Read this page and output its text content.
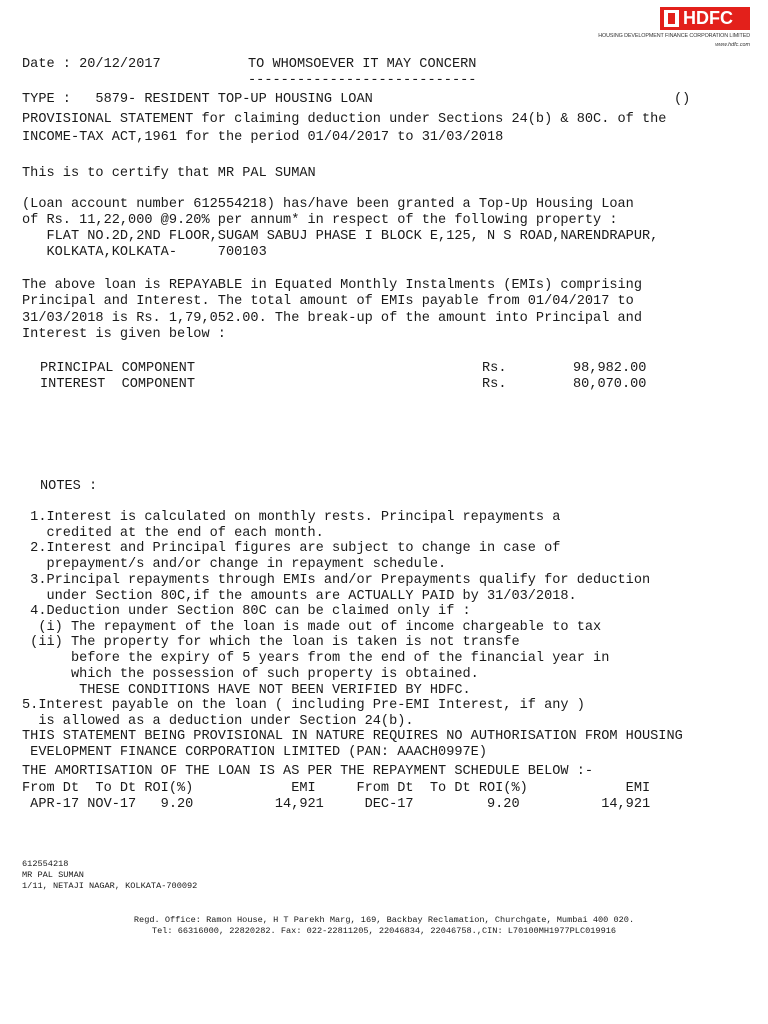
HDFC
HOUSING DEVELOPMENT FINANCE CORPORATION LIMITED
www.hdfc.com
Date : 20/12/2017	TO WHOMSOEVER IT MAY CONCERN
----------------------------
TYPE :   5879- RESIDENT TOP-UP HOUSING LOAN	()
PROVISIONAL STATEMENT for claiming deduction under Sections 24(b) & 80C. of the
INCOME-TAX ACT,1961 for the period 01/04/2017 to 31/03/2018
This is to certify that MR PAL SUMAN
(Loan account number 612554218) has/have been granted a Top-Up Housing Loan
of Rs. 11,22,000 @9.20% per annum* in respect of the following property :
FLAT NO.2D,2ND FLOOR,SUGAM SABUJ PHASE I BLOCK E,125, N S ROAD,NARENDRAPUR,
KOLKATA,KOLKATA-     700103
The above loan is REPAYABLE in Equated Monthly Instalments (EMIs) comprising
Principal and Interest. The total amount of EMIs payable from 01/04/2017 to
31/03/2018 is Rs. 1,79,052.00. The break-up of the amount into Principal and
Interest is given below :
PRINCIPAL COMPONENT	Rs.	98,982.00
INTEREST  COMPONENT	Rs.	80,070.00
NOTES :
1.Interest is calculated on monthly rests. Principal repayments a
credited at the end of each month.
2.Interest and Principal figures are subject to change in case of
prepayment/s and/or change in repayment schedule.
3.Principal repayments through EMIs and/or Prepayments qualify for deduction
under Section 80C,if the amounts are ACTUALLY PAID by 31/03/2018.
4.Deduction under Section 80C can be claimed only if :
(i) The repayment of the loan is made out of income chargeable to tax
(ii) The property for which the loan is taken is not transfe
before the expiry of 5 years from the end of the financial year in
which the possession of such property is obtained.
THESE CONDITIONS HAVE NOT BEEN VERIFIED BY HDFC.
5.Interest payable on the loan ( including Pre-EMI Interest, if any )
is allowed as a deduction under Section 24(b).
THIS STATEMENT BEING PROVISIONAL IN NATURE REQUIRES NO AUTHORISATION FROM HOUSING
EVELOPMENT FINANCE CORPORATION LIMITED (PAN: AAACH0997E)
THE AMORTISATION OF THE LOAN IS AS PER THE REPAYMENT SCHEDULE BELOW :-
From Dt  To Dt ROI(%)            EMI     From Dt  To Dt ROI(%)            EMI
APR-17 NOV-17   9.20          14,921     DEC-17         9.20          14,921
612554218
MR PAL SUMAN
1/11, NETAJI NAGAR, KOLKATA-700092
Regd. Office: Ramon House, H T Parekh Marg, 169, Backbay Reclamation, Churchgate, Mumbai 400 020.
Tel: 66316000, 22820282. Fax: 022-22811205, 22046834, 22046758.,CIN: L70100MH1977PLC019916
